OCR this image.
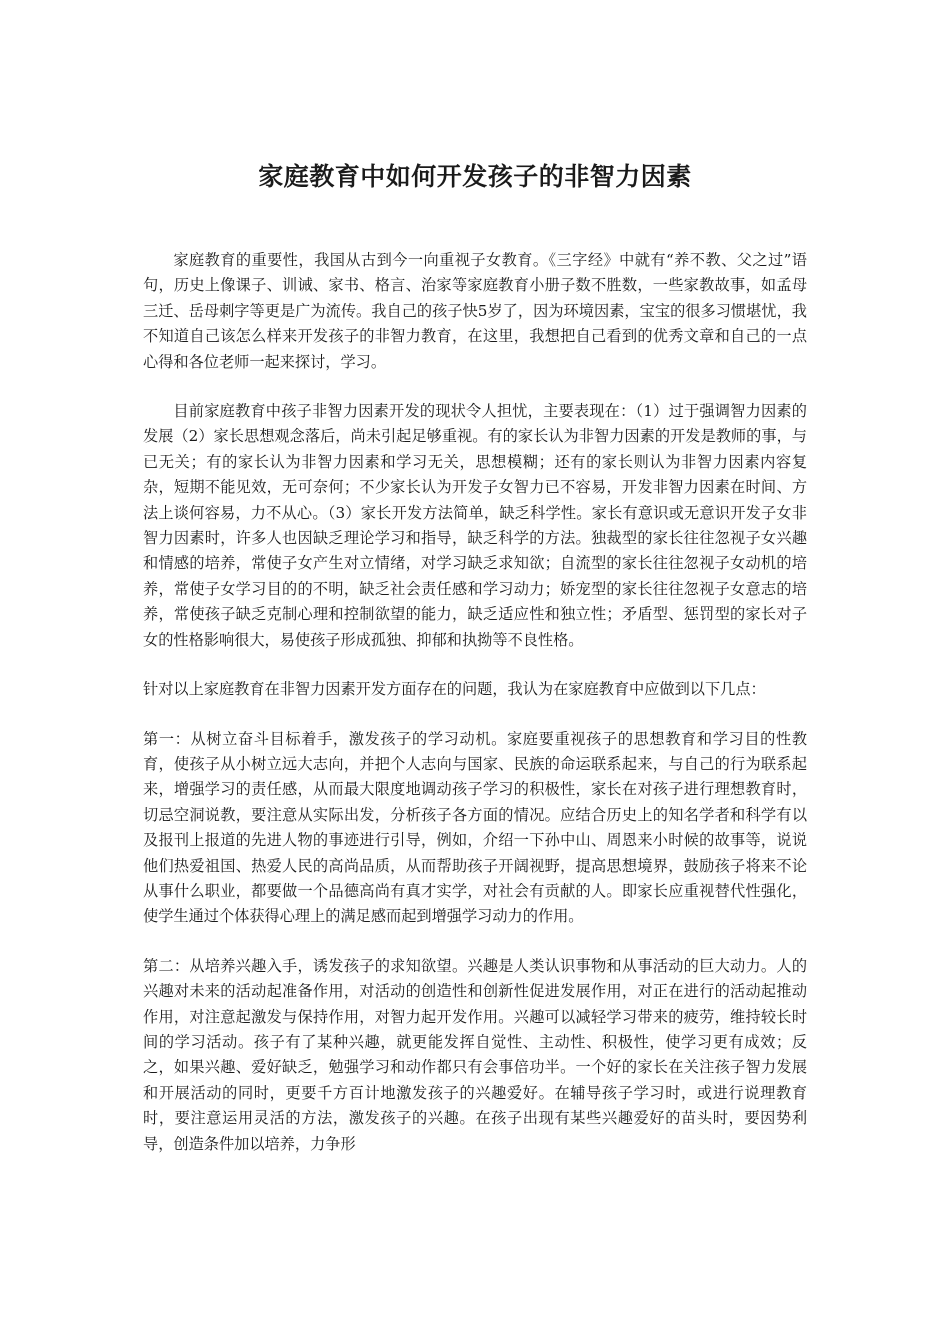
家庭教育中如何开发孩子的非智力因素

家庭教育的重要性，我国从古到今一向重视子女教育。《三字经》中就有“养不教、父之过”语句，历史上像课子、训诫、家书、格言、治家等家庭教育小册子数不胜数，一些家教故事，如孟母三迁、岳母刺字等更是广为流传。我自己的孩子快5岁了，因为环境因素，宝宝的很多习惯堪忧，我不知道自己该怎么样来开发孩子的非智力教育，在这里，我想把自己看到的优秀文章和自己的一点心得和各位老师一起来探讨，学习。

目前家庭教育中孩子非智力因素开发的现状令人担忧，主要表现在：（1）过于强调智力因素的发展（2）家长思想观念落后，尚未引起足够重视。有的家长认为非智力因素的开发是教师的事，与已无关；有的家长认为非智力因素和学习无关，思想模糊；还有的家长则认为非智力因素内容复杂，短期不能见效，无可奈何；不少家长认为开发子女智力已不容易，开发非智力因素在时间、方法上谈何容易，力不从心。（3）家长开发方法简单，缺乏科学性。家长有意识或无意识开发子女非智力因素时，许多人也因缺乏理论学习和指导，缺乏科学的方法。独裁型的家长往往忽视子女兴趣和情感的培养，常使子女产生对立情绪，对学习缺乏求知欲；自流型的家长往往忽视子女动机的培养，常使子女学习目的的不明，缺乏社会责任感和学习动力；娇宠型的家长往往忽视子女意志的培养，常使孩子缺乏克制心理和控制欲望的能力，缺乏适应性和独立性；矛盾型、惩罚型的家长对子女的性格影响很大，易使孩子形成孤独、抑郁和执拗等不良性格。

针对以上家庭教育在非智力因素开发方面存在的问题，我认为在家庭教育中应做到以下几点：

第一：从树立奋斗目标着手，激发孩子的学习动机。家庭要重视孩子的思想教育和学习目的性教育，使孩子从小树立远大志向，并把个人志向与国家、民族的命运联系起来，与自己的行为联系起来，增强学习的责任感，从而最大限度地调动孩子学习的积极性，家长在对孩子进行理想教育时，切忌空洞说教，要注意从实际出发，分析孩子各方面的情况。应结合历史上的知名学者和科学有以及报刊上报道的先进人物的事迹进行引导，例如，介绍一下孙中山、周恩来小时候的故事等，说说他们热爱祖国、热爱人民的高尚品质，从而帮助孩子开阔视野，提高思想境界，鼓励孩子将来不论从事什么职业，都要做一个品德高尚有真才实学，对社会有贡献的人。即家长应重视替代性强化，使学生通过个体获得心理上的满足感而起到增强学习动力的作用。

第二：从培养兴趣入手，诱发孩子的求知欲望。兴趣是人类认识事物和从事活动的巨大动力。人的兴趣对未来的活动起准备作用，对活动的创造性和创新性促进发展作用，对正在进行的活动起推动作用，对注意起激发与保持作用，对智力起开发作用。兴趣可以减轻学习带来的疲劳，维持较长时间的学习活动。孩子有了某种兴趣，就更能发挥自觉性、主动性、积极性，使学习更有成效；反之，如果兴趣、爱好缺乏，勉强学习和动作都只有会事倍功半。一个好的家长在关注孩子智力发展和开展活动的同时，更要千方百计地激发孩子的兴趣爱好。在辅导孩子学习时，或进行说理教育时，要注意运用灵活的方法，激发孩子的兴趣。在孩子出现有某些兴趣爱好的苗头时，要因势利导，创造条件加以培养，力争形
